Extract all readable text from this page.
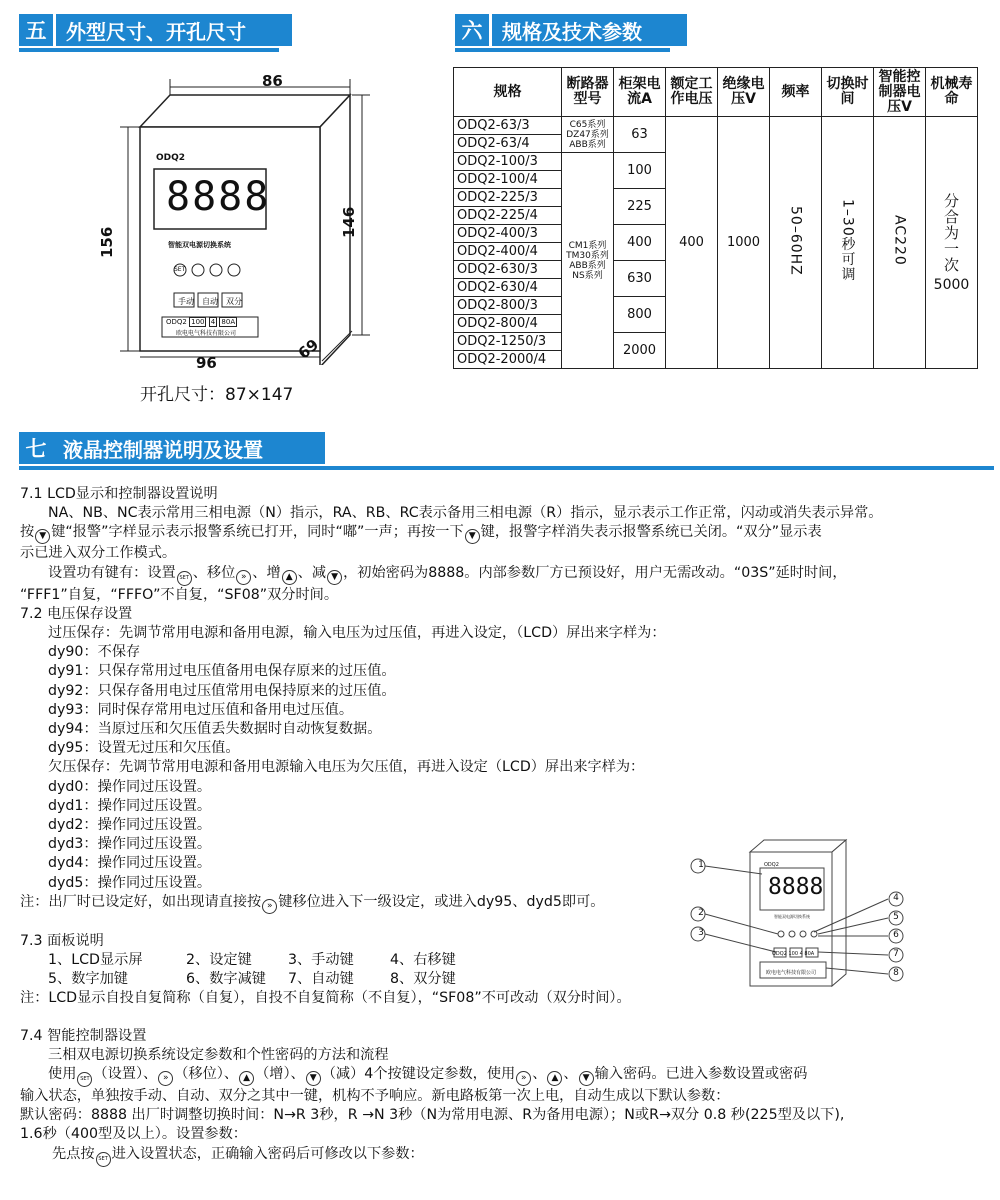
五 外型尺寸、开孔尺寸	六 规格及技术参数
86
156
146
96
69
ODQ2
8888
智能双电源切换系统
SET
手动 自动 双分
ODQ2 100 4 80A
欧电电气科技有限公司
开孔尺寸：87×147
规格	断路器型号	柜架电流A	额定工作电压	绝缘电压V	频率	切换时间	智能控制器电压V	机械寿命
ODQ2-63/3	C65系列 DZ47系列 ABB系列	63	400	1000	50–60HZ	1–30秒可调	AC220	分合为一次
5000
ODQ2-63/4								
ODQ2-100/3	CM1系列 TM30系列 ABB系列 NS系列	100						
ODQ2-100/4								
ODQ2-225/3		225						
ODQ2-225/4								
ODQ2-400/3		400						
ODQ2-400/4								
ODQ2-630/3		630						
ODQ2-630/4								
ODQ2-800/3		800						
ODQ2-800/4								
ODQ2-1250/3		2000						
ODQ2-2000/4								
七 液晶控制器说明及设置

7.1 LCD显示和控制器设置说明

NA、NB、NC表示常用三相电源（N）指示，RA、RB、RC表示备用三相电源（R）指示，显示表示工作正常，闪动或消失表示异常。

按 ▼ 键“报警”字样显示表示报警系统已打开，同时“嘟”一声；再按一下 ▼ 键，报警字样消失表示报警系统已关闭。“双分”显示表

示已进入双分工作模式。

设置功有键有：设置 SET 、移位 » 、增 ▲ 、减 ▼ ，初始密码为8888。内部参数厂方已预设好，用户无需改动。“03S”延时时间，

“FFF1”自复，“FFFO”不自复，“SF08”双分时间。

7.2 电压保存设置

过压保存：先调节常用电源和备用电源，输入电压为过压值，再进入设定，（LCD）屏出来字样为：

dy90：不保存

dy91：只保存常用过电压值备用电保存原来的过压值。

dy92：只保存备用电过压值常用电保持原来的过压值。

dy93：同时保存常用电过压值和备用电过压值。

dy94：当原过压和欠压值丢失数据时自动恢复数据。

dy95：设置无过压和欠压值。

欠压保存：先调节常用电源和备用电源输入电压为欠压值，再进入设定（LCD）屏出来字样为：

dyd0：操作同过压设置。

dyd1：操作同过压设置。

dyd2：操作同过压设置。

dyd3：操作同过压设置。

dyd4：操作同过压设置。

dyd5：操作同过压设置。

注：出厂时已设定好，如出现请直接按 » 键移位进入下一级设定，或进入dy95、dyd5即可。

7.3 面板说明

1、LCD显示屏	2、设定键	3、手动键	4、右移键

5、数字加键	6、数字减键 7、自动键	8、双分键

注：LCD显示自投自复简称（自复），自投不自复简称（不自复），“SF08”不可改动（双分时间）。

7.4 智能控制器设置

三相双电源切换系统设定参数和个性密码的方法和流程

使用 SET （设置）、 » （移位）、 ▲ （增）、 ▼ （减）4个按键设定参数，使用 » 、 ▲ 、 ▼ 输入密码。已进入参数设置或密码

输入状态，单独按手动、自动、双分之其中一键，机构不予响应。新电路板第一次上电，自动生成以下默认参数：

默认密码：8888 出厂时调整切换时间：N→R 3秒，R →N 3秒（N为常用电源、R为备用电源）；N或R→双分 0.8 秒(225型及以下),

1.6秒（400型及以上）。设置参数：

先点按 SET 进入设置状态，正确输入密码后可修改以下参数：

ODQ2
8888
智能双电源切换系统
ODQ2 100 4 80A
欧电电气科技有限公司
1
2
3
4
5
6
7
8
